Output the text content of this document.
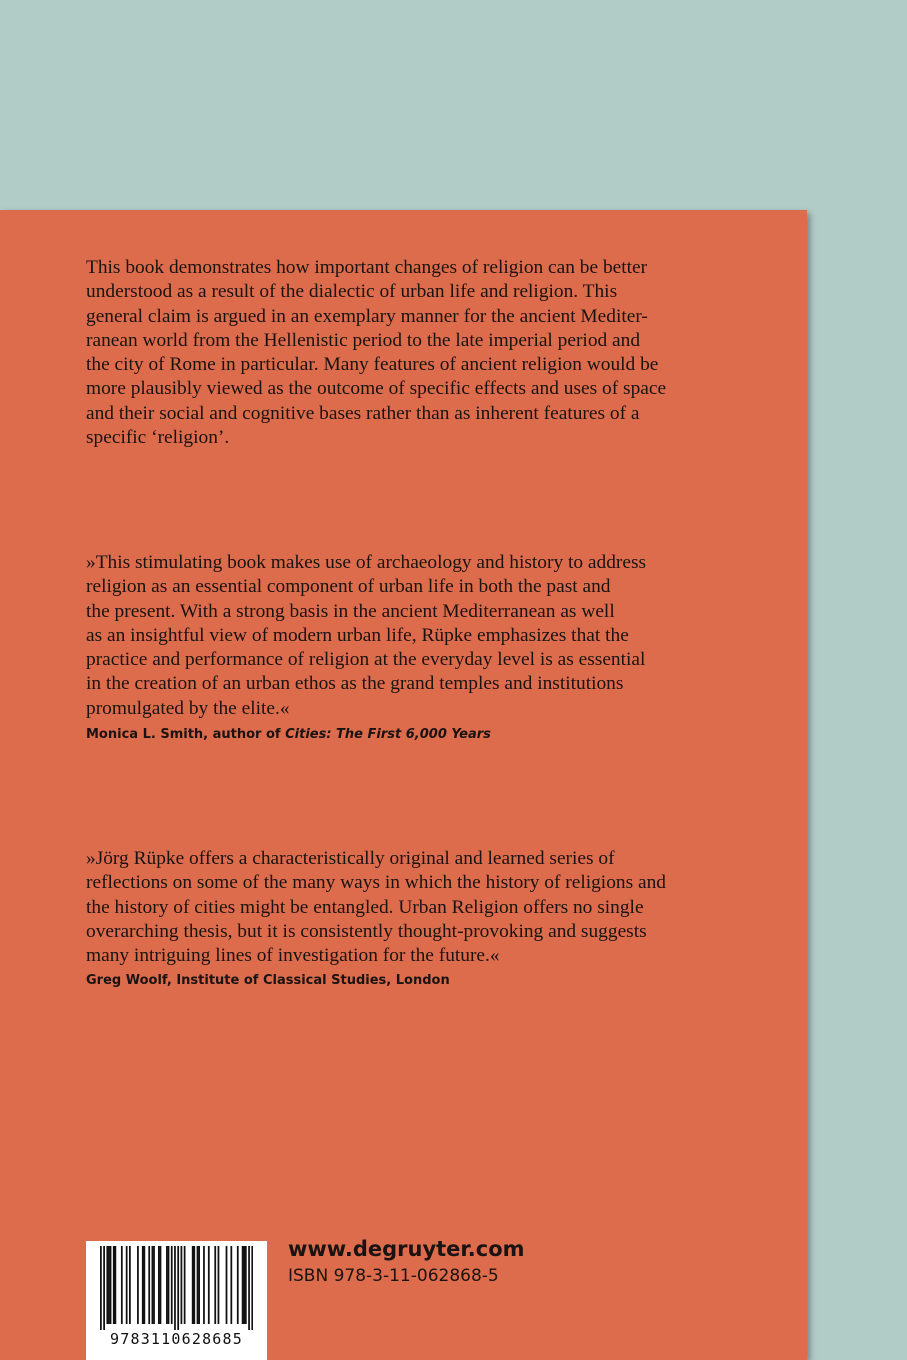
This book demonstrates how important changes of religion can be better
understood as a result of the dialectic of urban life and religion. This
general claim is argued in an exemplary manner for the ancient Mediter-
ranean world from the Hellenistic period to the late imperial period and
the city of Rome in particular. Many features of ancient religion would be
more plausibly viewed as the outcome of specific effects and uses of space
and their social and cognitive bases rather than as inherent features of a
specific ‘religion’.

»This stimulating book makes use of archaeology and history to address
religion as an essential component of urban life in both the past and
the present. With a strong basis in the ancient Mediterranean as well
as an insightful view of modern urban life, Rüpke emphasizes that the
practice and performance of religion at the everyday level is as essential
in the creation of an urban ethos as the grand temples and institutions
promulgated by the elite.«

Monica L. Smith, author of Cities: The First 6,000 Years

»Jörg Rüpke offers a characteristically original and learned series of
reflections on some of the many ways in which the history of religions and
the history of cities might be entangled. Urban Religion offers no single
overarching thesis, but it is consistently thought-provoking and suggests
many intriguing lines of investigation for the future.«

Greg Woolf, Institute of Classical Studies, London

9783110628685

www.degruyter.com

ISBN 978-3-11-062868-5
